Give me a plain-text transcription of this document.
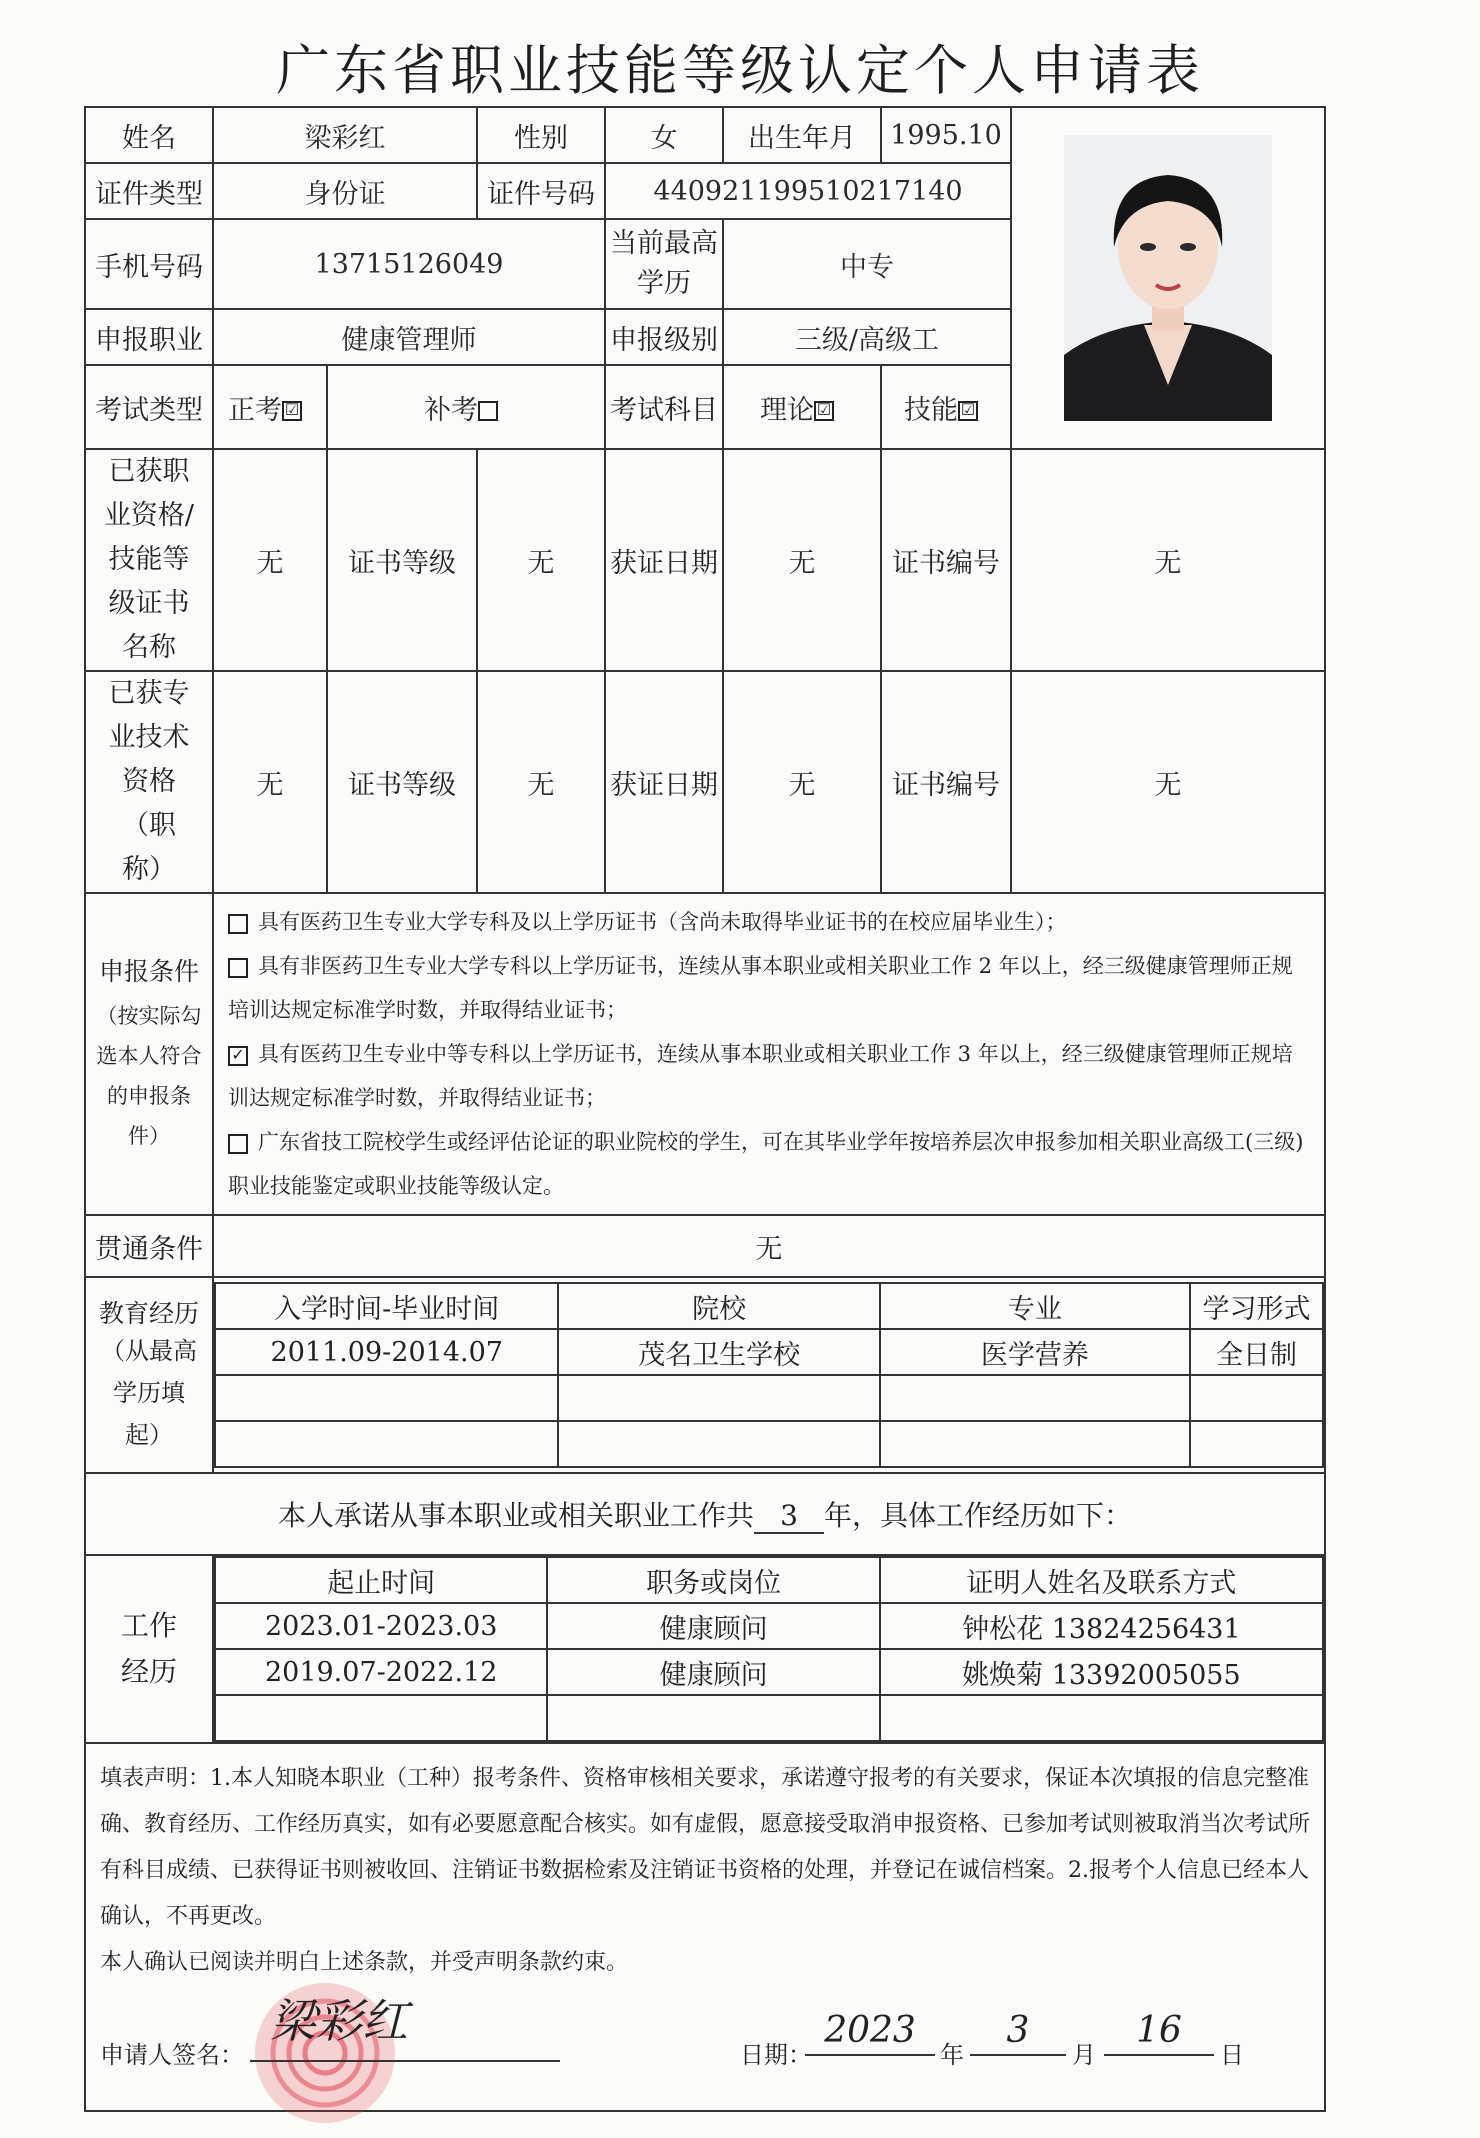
广东省职业技能等级认定个人申请表
姓名	梁彩红	性别	女	出生年月	1995.10	

证件类型	身份证	证件号码	440921199510217140
手机号码	13715126049	当前最高学历	中专
申报职业	健康管理师	申报级别	三级/高级工
考试类型	正考 ☑	补考	考试科目	理论 ☑	技能 ☑
已获职业资格/技能等级证书名称	无	证书等级	无	获证日期	无	证书编号	无
已获专业技术资格（职称）	无	证书等级	无	获证日期	无	证书编号	无

申报条件
（按实际勾选本人符合的申报条件）

具有医药卫生专业大学专科及以上学历证书（含尚未取得毕业证书的在校应届毕业生）；

具有非医药卫生专业大学专科以上学历证书，连续从事本职业或相关职业工作 2 年以上，经三级健康管理师正规培训达规定标准学时数，并取得结业证书；

✓ 具有医药卫生专业中等专科以上学历证书，连续从事本职业或相关职业工作 3 年以上，经三级健康管理师正规培训达规定标准学时数，并取得结业证书；

广东省技工院校学生或经评估论证的职业院校的学生，可在其毕业学年按培养层次申报参加相关职业高级工(三级)职业技能鉴定或职业技能等级认定。

贯通条件	无

教育经历
（从最高学历填起）

入学时间-毕业时间	院校	专业	学习形式
2011.09-2014.07	茂名卫生学校	医学营养	全日制

本人承诺从事本职业或相关职业工作共 3 年，具体工作经历如下：
工作经历	
起止时间	职务或岗位	证明人姓名及联系方式
2023.01-2023.03	健康顾问	钟松花 13824256431
2019.07-2022.12	健康顾问	姚焕菊 13392005055

填表声明：1.本人知晓本职业（工种）报考条件、资格审核相关要求，承诺遵守报考的有关要求，保证本次填报的信息完整准确、教育经历、工作经历真实，如有必要愿意配合核实。如有虚假，愿意接受取消申报资格、已参加考试则被取消当次考试所有科目成绩、已获得证书则被收回、注销证书数据检索及注销证书资格的处理，并登记在诚信档案。2.报考个人信息已经本人确认，不再更改。
本人确认已阅读并明白上述条款，并受声明条款约束。
申请人签名：
梁彩红
日期：
2023
年
3
月
16
日
